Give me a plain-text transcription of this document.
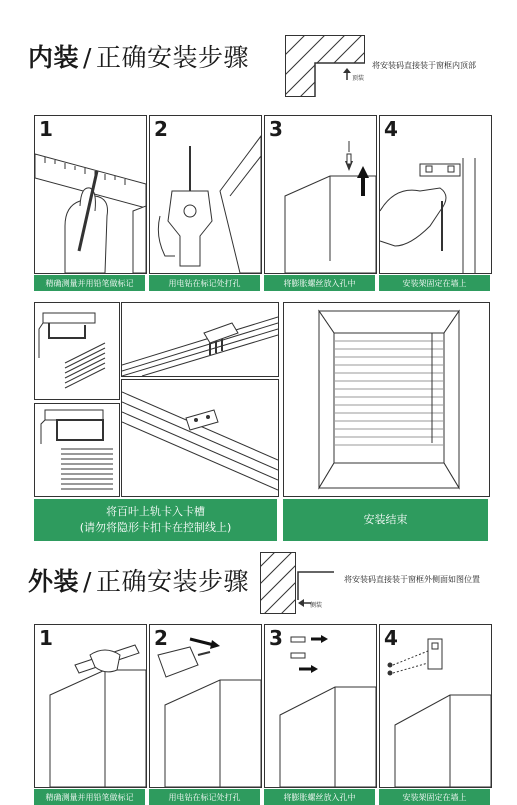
内装 / 正确安装步骤
顶装
将安装码直接装于窗框内顶部
1
精确测量并用铅笔做标记
2
用电钻在标记处打孔
3
将膨胀螺丝放入孔中
4
安装架固定在墙上
将百叶上轨卡入卡槽
(请勿将隐形卡扣卡在控制线上)
安装结束
外装 / 正确安装步骤
侧装
将安装码直接装于窗框外侧面如图位置
1
精确测量并用铅笔做标记
2
用电钻在标记处打孔
3
将膨胀螺丝放入孔中
4
安装架固定在墙上
